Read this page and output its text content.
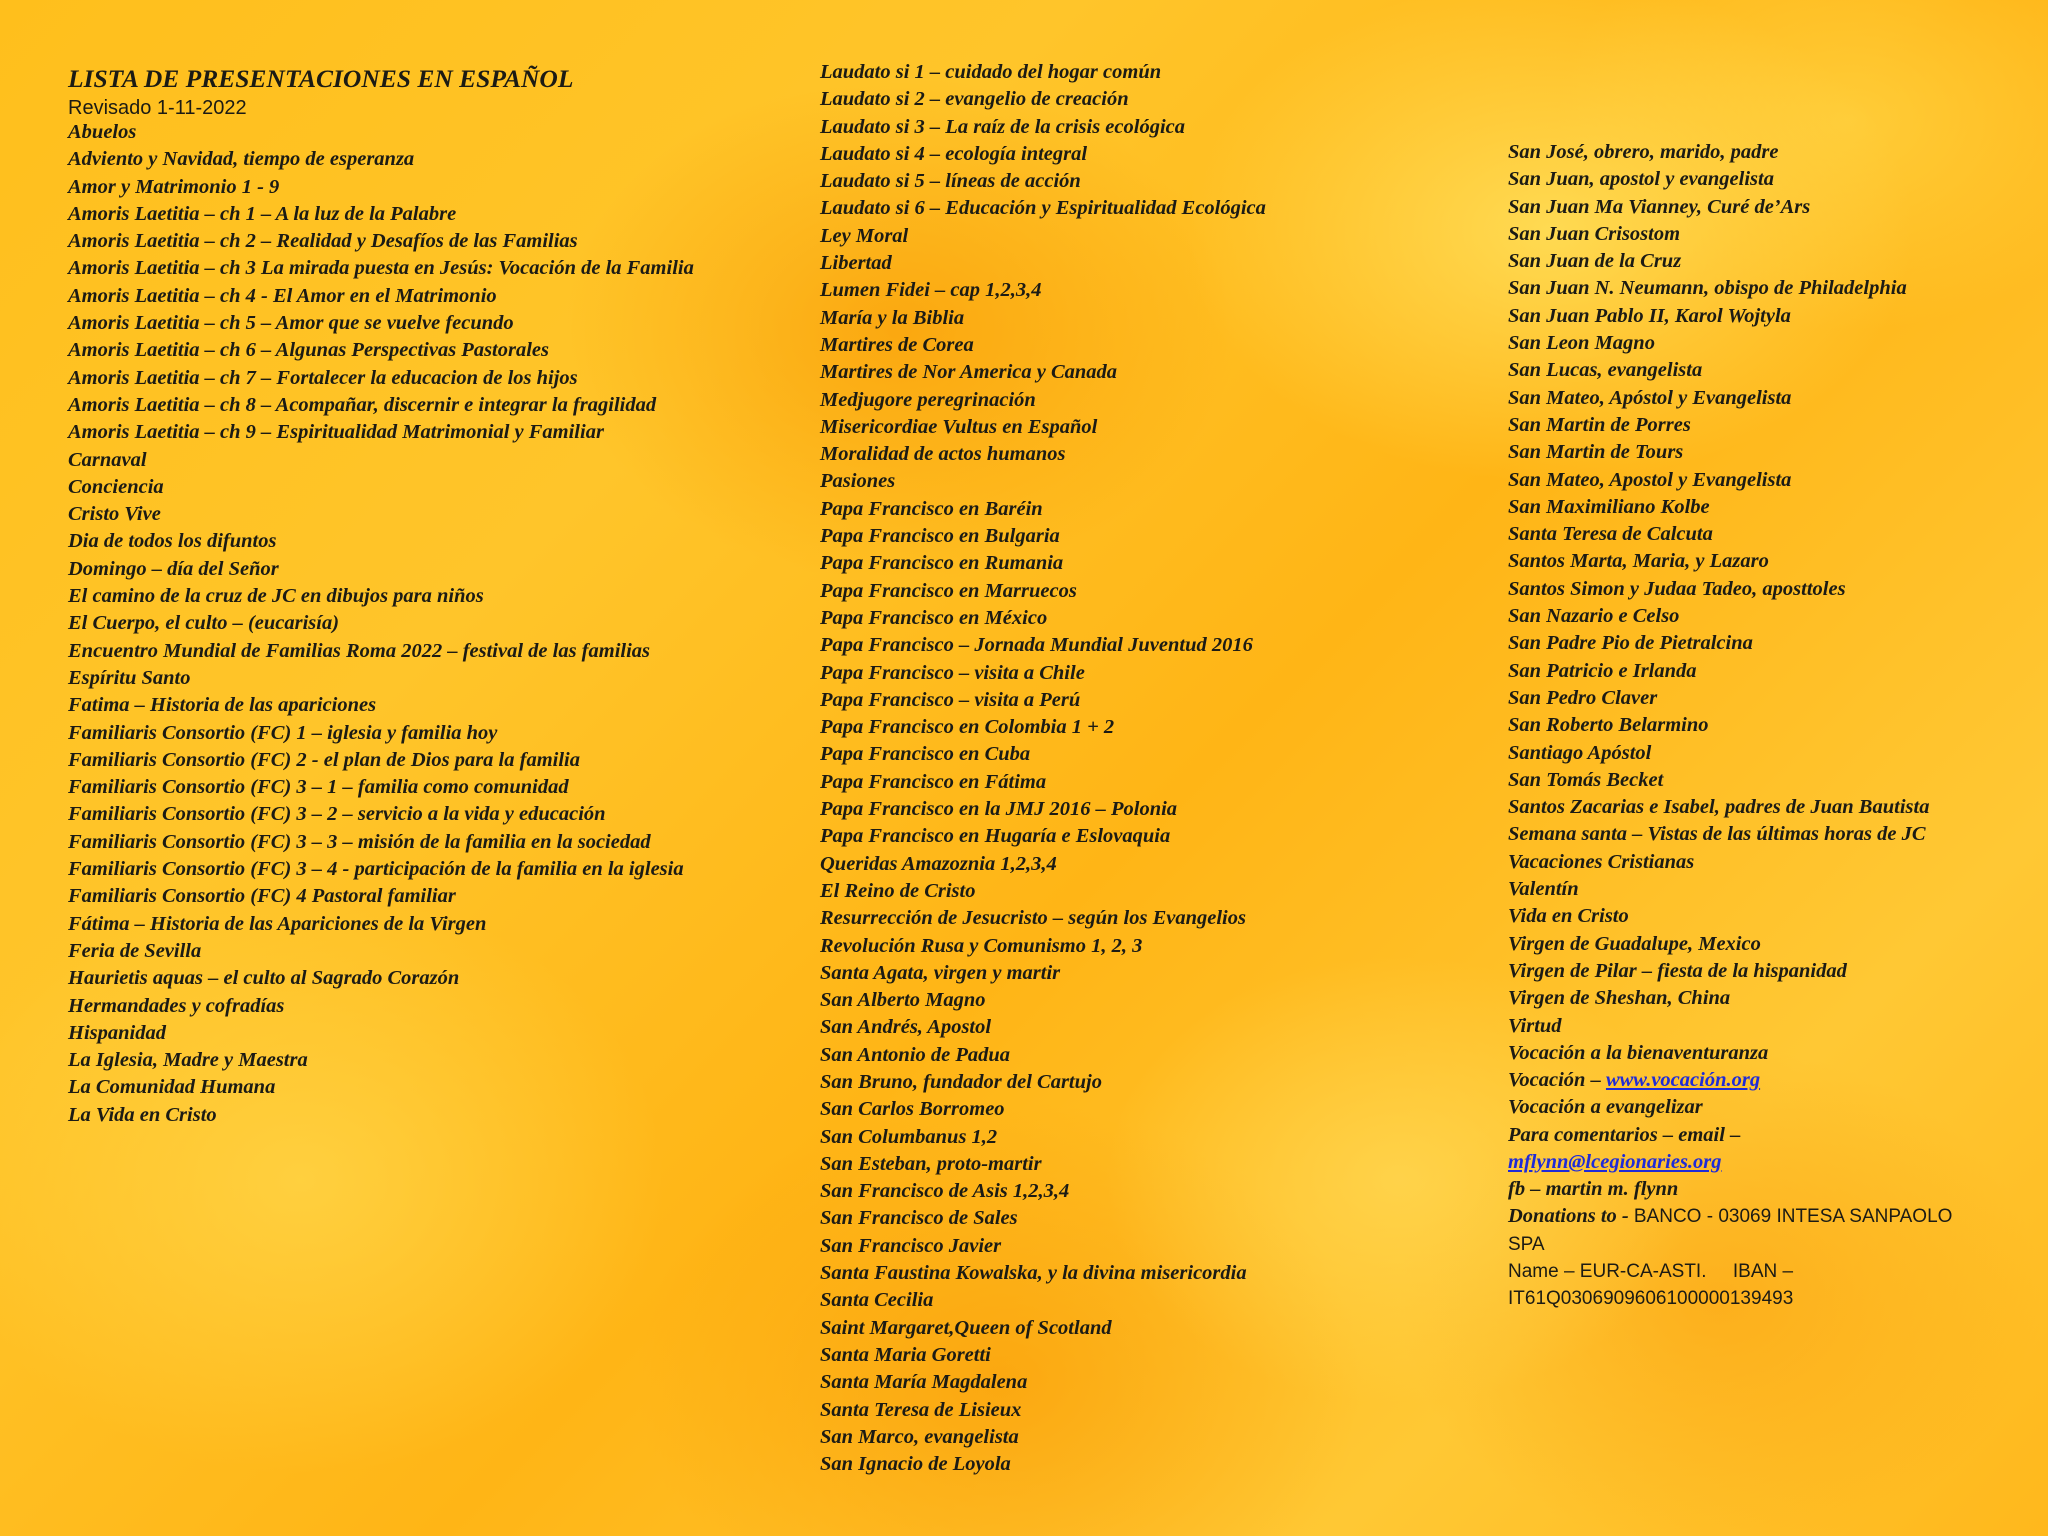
LISTA DE PRESENTACIONES EN ESPAÑOL
Revisado 1-11-2022
Abuelos
Adviento y Navidad, tiempo de esperanza
Amor y Matrimonio 1 - 9
Amoris Laetitia – ch 1 – A la luz de la Palabre
Amoris Laetitia – ch 2 – Realidad y Desafíos de las Familias
Amoris Laetitia – ch 3 La mirada puesta en Jesús: Vocación de la Familia
Amoris Laetitia – ch 4 - El Amor en el Matrimonio
Amoris Laetitia – ch 5 – Amor que se vuelve fecundo
Amoris Laetitia – ch 6 – Algunas Perspectivas Pastorales
Amoris Laetitia – ch 7 – Fortalecer la educacion de los hijos
Amoris Laetitia – ch 8 – Acompañar, discernir e integrar la fragilidad
Amoris Laetitia – ch 9 – Espiritualidad Matrimonial y Familiar
Carnaval
Conciencia
Cristo Vive
Dia de todos los difuntos
Domingo – día del Señor
El camino de la cruz de JC en dibujos para niños
El Cuerpo, el culto – (eucarisía)
Encuentro Mundial de Familias Roma 2022 – festival de las familias
Espíritu Santo
Fatima – Historia de las apariciones
Familiaris Consortio (FC) 1 – iglesia y familia hoy
Familiaris Consortio (FC) 2 - el plan de Dios para la familia
Familiaris Consortio (FC) 3 – 1 – familia como comunidad
Familiaris Consortio (FC) 3 – 2 – servicio a la vida y educación
Familiaris Consortio (FC) 3 – 3 – misión de la familia en la sociedad
Familiaris Consortio (FC) 3 – 4 - participación de la familia en la iglesia
Familiaris Consortio (FC) 4 Pastoral familiar
Fátima – Historia de las Apariciones de la Virgen
Feria de Sevilla
Haurietis aquas – el culto al Sagrado Corazón
Hermandades y cofradías
Hispanidad
La Iglesia, Madre y Maestra
La Comunidad Humana
La Vida en Cristo
Laudato si 1 – cuidado del hogar común
Laudato si 2 – evangelio de creación
Laudato si 3 – La raíz de la crisis ecológica
Laudato si 4 – ecología integral
Laudato si 5 – líneas de acción
Laudato si 6 – Educación y Espiritualidad Ecológica
Ley Moral
Libertad
Lumen Fidei – cap 1,2,3,4
María y la Biblia
Martires de Corea
Martires de Nor America y Canada
Medjugore peregrinación
Misericordiae Vultus en Español
Moralidad de actos humanos
Pasiones
Papa Francisco en Baréin
Papa Francisco en Bulgaria
Papa Francisco en Rumania
Papa Francisco en Marruecos
Papa Francisco en México
Papa Francisco – Jornada Mundial Juventud 2016
Papa Francisco – visita a Chile
Papa Francisco – visita a Perú
Papa Francisco en Colombia 1 + 2
Papa Francisco en Cuba
Papa Francisco en Fátima
Papa Francisco en la JMJ 2016 – Polonia
Papa Francisco en Hugaría e Eslovaquia
Queridas Amazoznia 1,2,3,4
El Reino de Cristo
Resurrección de Jesucristo – según los Evangelios
Revolución Rusa y Comunismo 1, 2, 3
Santa Agata, virgen y martir
San Alberto Magno
San Andrés, Apostol
San Antonio de Padua
San Bruno, fundador del Cartujo
San Carlos Borromeo
San Columbanus 1,2
San Esteban, proto-martir
San Francisco de Asis 1,2,3,4
San Francisco de Sales
San Francisco Javier
Santa Faustina Kowalska, y la divina misericordia
Santa Cecilia
Saint Margaret,Queen of Scotland
Santa Maria Goretti
Santa María Magdalena
Santa Teresa de Lisieux
San Marco, evangelista
San Ignacio de Loyola
San José, obrero, marido, padre
San Juan, apostol y evangelista
San Juan Ma Vianney, Curé de’Ars
San Juan Crisostom
San Juan de la Cruz
San Juan N. Neumann, obispo de Philadelphia
San Juan Pablo II, Karol Wojtyla
San Leon Magno
San Lucas, evangelista
San Mateo, Apóstol y Evangelista
San Martin de Porres
San Martin de Tours
San Mateo, Apostol y Evangelista
San Maximiliano Kolbe
Santa Teresa de Calcuta
Santos Marta, Maria, y Lazaro
Santos Simon y Judaa Tadeo, aposttoles
San Nazario e Celso
San Padre Pio de Pietralcina
San Patricio e Irlanda
San Pedro Claver
San Roberto Belarmino
Santiago Apóstol
San Tomás Becket
Santos Zacarias e Isabel, padres de Juan Bautista
Semana santa – Vistas de las últimas horas de JC
Vacaciones Cristianas
Valentín
Vida en Cristo
Virgen de Guadalupe, Mexico
Virgen de Pilar – fiesta de la hispanidad
Virgen de Sheshan, China
Virtud
Vocación a la bienaventuranza
Vocación – www.vocación.org
Vocación a evangelizar
Para comentarios – email –
mflynn@lcegionaries.org
fb – martin m. flynn
Donations to - BANCO - 03069 INTESA SANPAOLO
SPA
Name – EUR-CA-ASTI.     IBAN –
IT61Q0306909606100000139493
